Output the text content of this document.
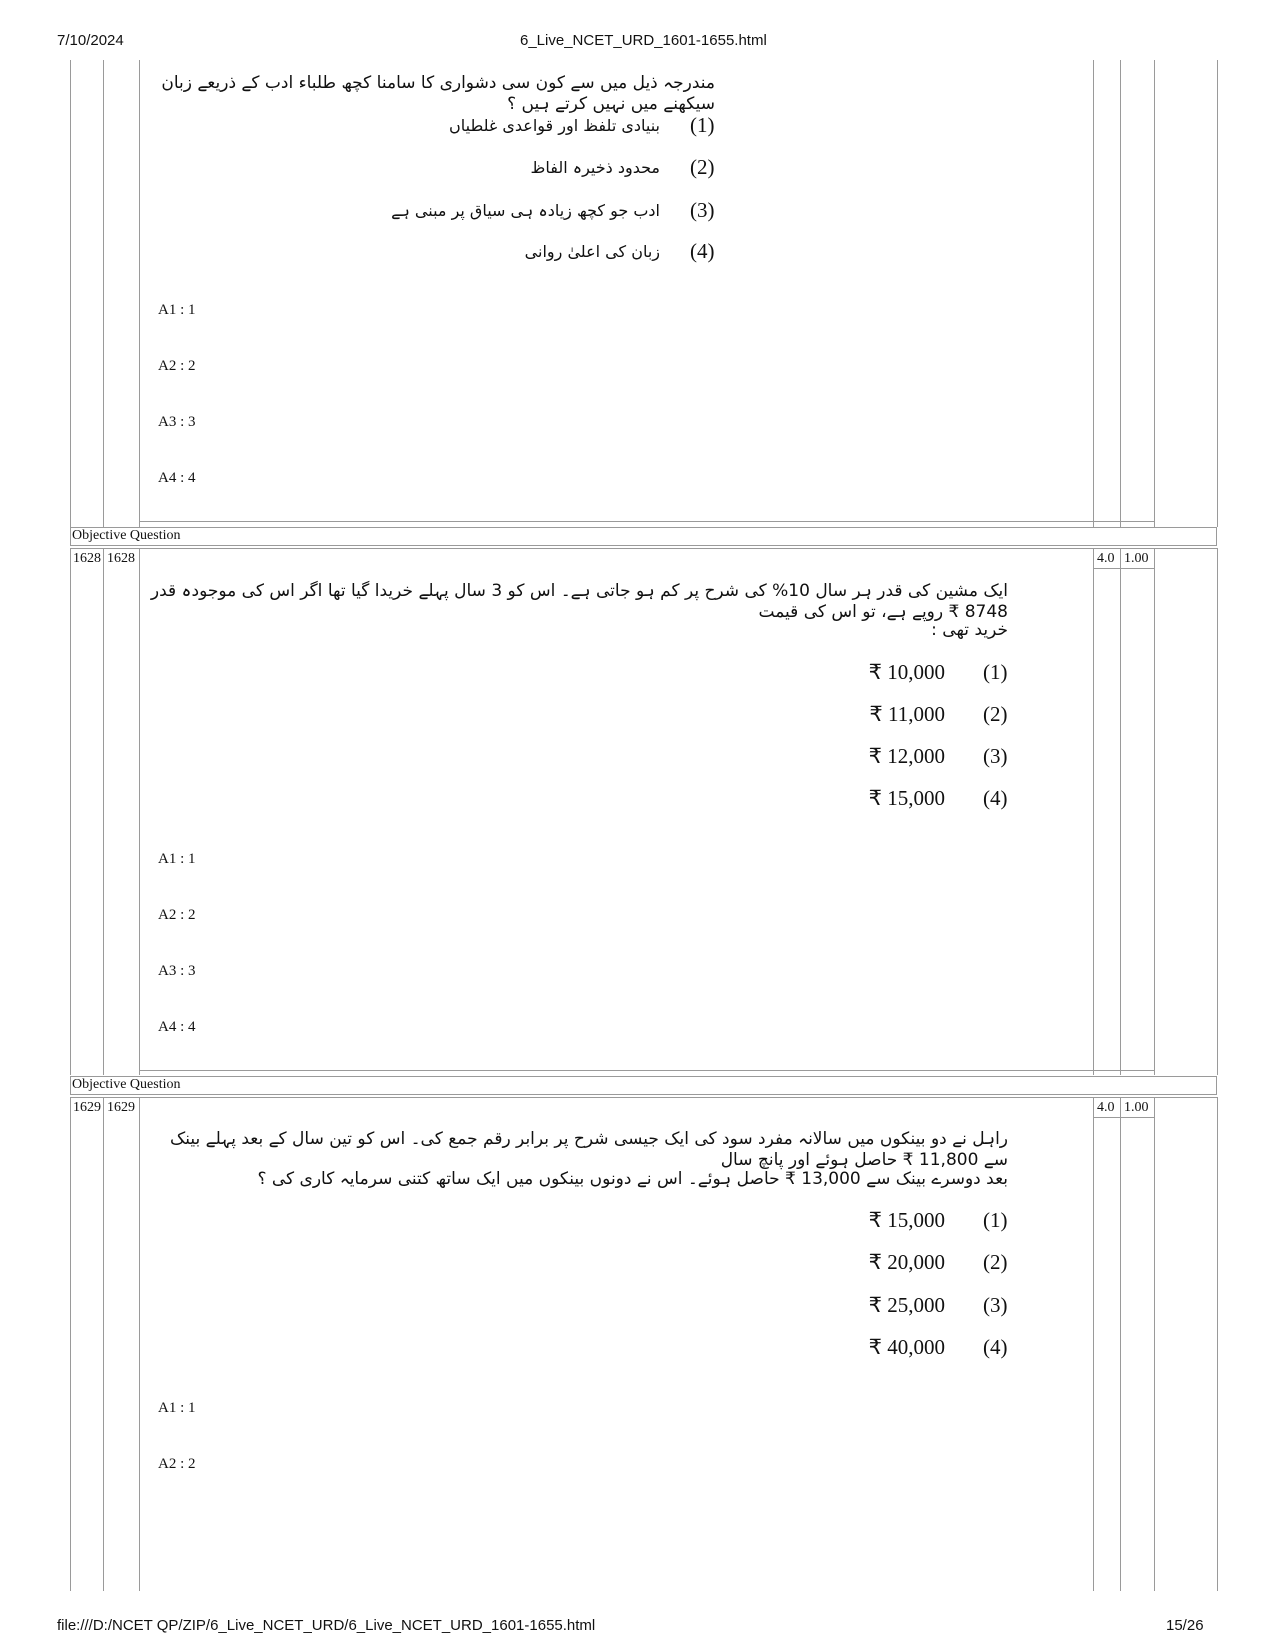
7/10/2024	6_Live_NCET_URD_1601-1655.html
file:///D:/NCET QP/ZIP/6_Live_NCET_URD/6_Live_NCET_URD_1601-1655.html	15/26
مندرجہ ذیل میں سے کون سی دشواری کا سامنا کچھ طلباء ادب کے ذریعے زبان سیکھنے میں نہیں کرتے ہیں ؟
(1)
بنیادی تلفظ اور قواعدی غلطیاں
(2)
محدود ذخیرہ الفاظ
(3)
ادب جو کچھ زیادہ ہی سیاق پر مبنی ہے
(4)
زبان کی اعلیٰ روانی
A1 : 1
A2 : 2
A3 : 3
A4 : 4
Objective Question
1628 1628	4.0 1.00
ایک مشین کی قدر ہر سال 10% کی شرح پر کم ہو جاتی ہے۔ اس کو 3 سال پہلے خریدا گیا تھا اگر اس کی موجودہ قدر 8748 ₹ روپے ہے، تو اس کی قیمت
خرید تھی :
₹ 10,000 (1)
₹ 11,000 (2)
₹ 12,000 (3)
₹ 15,000 (4)
A1 : 1
A2 : 2
A3 : 3
A4 : 4
Objective Question
1629 1629	4.0 1.00
راہل نے دو بینکوں میں سالانہ مفرد سود کی ایک جیسی شرح پر برابر رقم جمع کی۔ اس کو تین سال کے بعد پہلے بینک سے 11,800 ₹ حاصل ہوئے اور پانچ سال
بعد دوسرے بینک سے 13,000 ₹ حاصل ہوئے۔ اس نے دونوں بینکوں میں ایک ساتھ کتنی سرمایہ کاری کی ؟
₹ 15,000 (1)
₹ 20,000 (2)
₹ 25,000 (3)
₹ 40,000 (4)
A1 : 1
A2 : 2
